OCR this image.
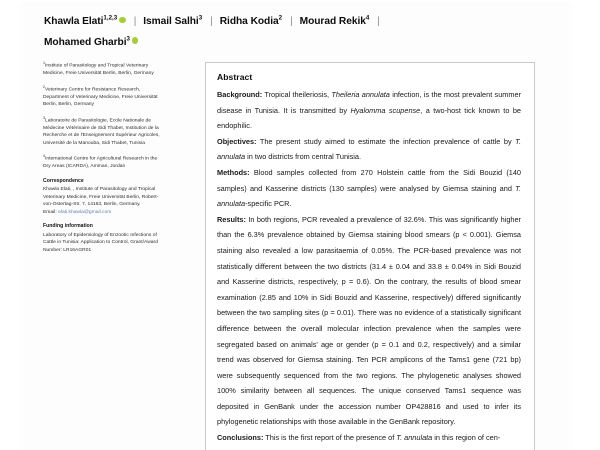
Khawla Elati$^{1,2,3}$ | Ismail Salhi$^3$ | Ridha Kodia$^2$ | Mourad Rekik$^4$ |
Mohamed Gharbi$^3$
$^1$Institute of Parasitology and Tropical Veterinary Medicine, Freie Universität Berlin, Berlin, Germany
$^2$Veterinary Centre for Resistance Research, Department of Veterinary Medicine, Freie Universität Berlin, Berlin, Germany
$^3$Laboratoire de Parasitologie, Ecole Nationale de Médecine Vétérinaire de Sidi Thabet, Institution de la Recherche et de l'Enseignement Supérieur Agricoles, Université de la Manouba, Sidi Thabet, Tunisia
$^4$International Centre for Agricultural Research in the Dry Areas (ICARDA), Amman, Jordan
Correspondence
Khawla Elati, , Institute of Parasitology and Tropical Veterinary Medicine, Freie Universität Berlin, Robert-von-Ostertag-Str. 7, 14163, Berlin, Germany.
Email: elati.khawla@gmail.com
Funding information
Laboratory of Epidemiology of Enzootic Infections of Cattle in Tunisia: Application to Control, Grant/Award Number: LR16AGR01
Abstract

Background: Tropical theileriosis, Theileria annulata infection, is the most prevalent summer disease in Tunisia. It is transmitted by Hyalomma scupense, a two-host tick known to be endophilic.

Objectives: The present study aimed to estimate the infection prevalence of cattle by T. annulata in two districts from central Tunisia.

Methods: Blood samples collected from 270 Holstein cattle from the Sidi Bouzid (140 samples) and Kasserine districts (130 samples) were analysed by Giemsa staining and T. annulata-specific PCR.

Results: In both regions, PCR revealed a prevalence of 32.6%. This was significantly higher than the 6.3% prevalence obtained by Giemsa staining blood smears (p < 0.001). Giemsa staining also revealed a low parasitaemia of 0.05%. The PCR-based prevalence was not statistically different between the two districts (31.4 ± 0.04 and 33.8 ± 0.04% in Sidi Bouzid and Kasserine districts, respectively, p = 0.6). On the contrary, the results of blood smear examination (2.85 and 10% in Sidi Bouzid and Kasserine, respectively) differed significantly between the two sampling sites (p = 0.01). There was no evidence of a statistically significant difference between the overall molecular infection prevalence when the samples were segregated based on animals' age or gender (p = 0.1 and 0.2, respectively) and a similar trend was observed for Giemsa staining. Ten PCR amplicons of the Tams1 gene (721 bp) were subsequently sequenced from the two regions. The phylogenetic analyses showed 100% similarity between all sequences. The unique conserved Tams1 sequence was deposited in GenBank under the accession number OP428816 and used to infer its phylogenetic relationships with those available in the GenBank repository.

Conclusions: This is the first report of the presence of T. annulata in this region of cen-
